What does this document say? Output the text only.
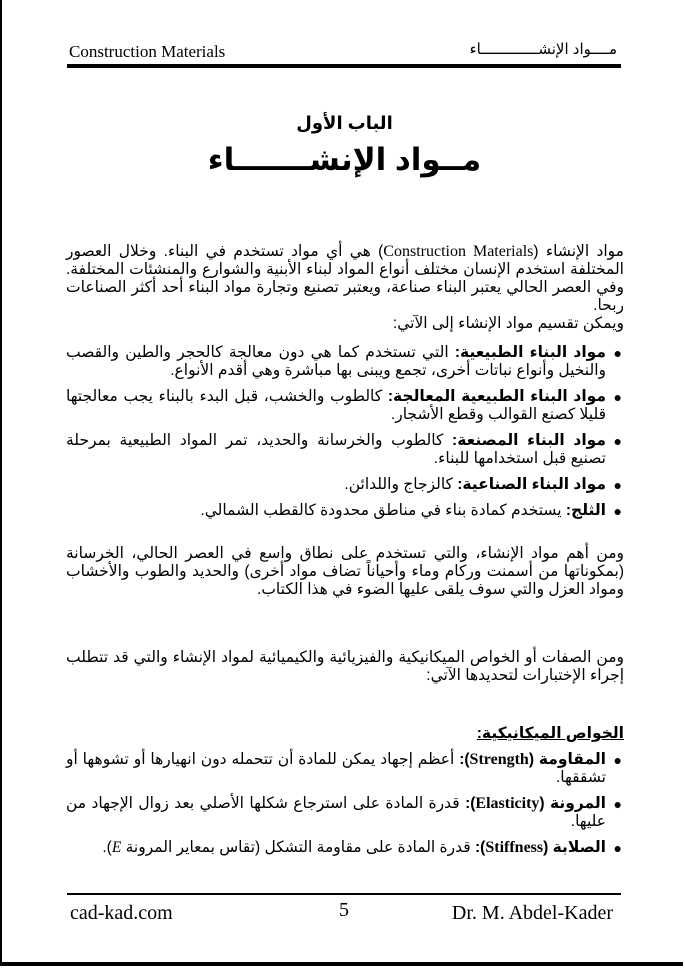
Construction Materials	مــــواد الإنشـــــــــــــاء
الباب الأول
مــواد الإنشـــــــاء
مواد الإنشاء (Construction Materials) هي أي مواد تستخدم في البناء. وخلال العصور المختلفة استخدم الإنسان مختلف أنواع المواد لبناء الأبنية والشوارع والمنشئات المختلفة. وفي العصر الحالي يعتبر البناء صناعة، ويعتبر تصنيع وتجارة مواد البناء أحد أكثر الصناعات ربحا.
ويمكن تقسيم مواد الإنشاء إلى الآتي:
●
مواد البناء الطبيعية: التي تستخدم كما هي دون معالجة كالحجر والطين والقصب والنخيل وأنواع نباتات أخرى، تجمع ويبنى بها مباشرة وهي أقدم الأنواع.
●
مواد البناء الطبيعية المعالجة: كالطوب والخشب، قبل البدء بالبناء يجب معالجتها قليلا كصنع القوالب وقطع الأشجار.
●
مواد البناء المصنعة: كالطوب والخرسانة والحديد، تمر المواد الطبيعية بمرحلة تصنيع قبل استخدامها للبناء.
●
مواد البناء الصناعية: كالزجاج واللدائن.
●
الثلج: يستخدم كمادة بناء في مناطق محدودة كالقطب الشمالي.
ومن أهم مواد الإنشاء، والتي تستخدم على نطاق واسع في العصر الحالي، الخرسانة (بمكوناتها من أسمنت وركام وماء وأحياناً تضاف مواد أخرى) والحديد والطوب والأخشاب ومواد العزل والتي سوف يلقى عليها الضوء في هذا الكتاب.
ومن الصفات أو الخواص الميكانيكية والفيزيائية والكيميائية لمواد الإنشاء والتي قد تتطلب إجراء الإختبارات لتحديدها الآتي:
الخواص الميكانيكية:
●
المقاومة (Strength): أعظم إجهاد يمكن للمادة أن تتحمله دون انهيارها أو تشوهها أو تشققها.
●
المرونة (Elasticity): قدرة المادة على استرجاع شكلها الأصلي بعد زوال الإجهاد من عليها.
●
الصلابة (Stiffness): قدرة المادة على مقاومة التشكل (تقاس بمعاير المرونة E).
cad-kad.com	5	Dr. M. Abdel-Kader
